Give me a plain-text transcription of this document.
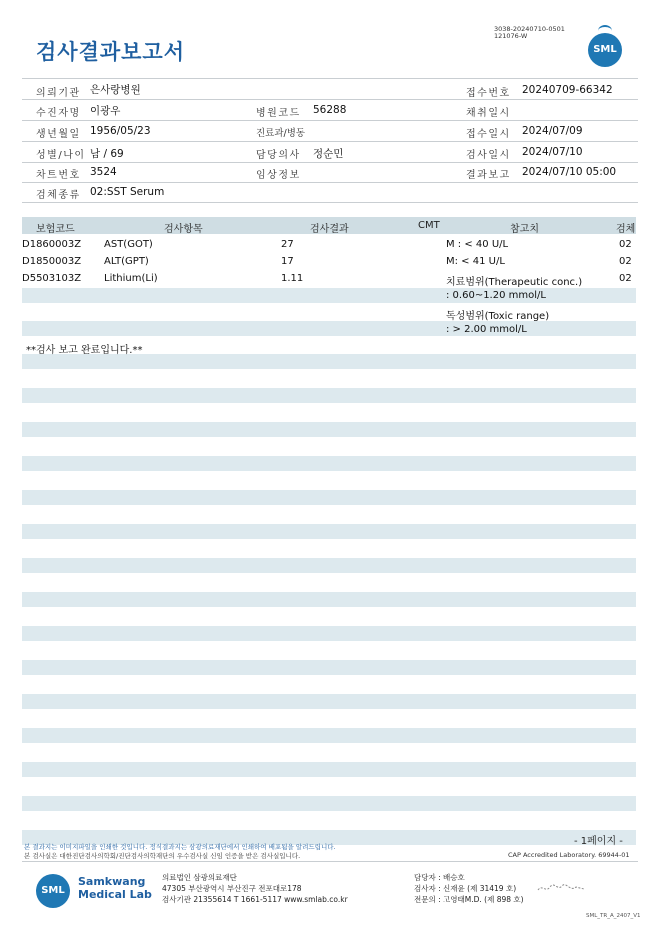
검사결과보고서
3038-20240710-0501
121076-W
SML
의뢰기관 은사랑병원	접수번호 20240709-66342
수진자명 이광우	병원코드 56288	채취일시
생년월일 1956/05/23	진료과/병동	접수일시 2024/07/09
성별/나이 남 / 69	담당의사 정순민	검사일시 2024/07/10
차트번호 3524	임상정보	결과보고 2024/07/10 05:00
검체종류 02:SST Serum
보험코드	검사항목	검사결과	CMT	참고치	검체
D1860003Z AST(GOT)	27	M : < 40 U/L	02
D1850003Z ALT(GPT)	17	M: < 41 U/L	02
D5503103Z Lithium(Li)	1.11	치료범위(Therapeutic conc.)	02
: 0.60~1.20 mmol/L
독성범위(Toxic range)
: > 2.00 mmol/L
**검사 보고 완료입니다.**
- 1페이지 -
본 결과지는 이미지파일을 인쇄한 것입니다. 정식결과지는 삼광의료재단에서 인쇄하여 배포됨을 알려드립니다.
본 검사실은 대한진단검사의학회/진단검사의학재단의 우수검사실 신임 인증을 받은 검사실입니다.	CAP Accredited Laboratory. 69944-01
SML
Samkwang
Medical Lab
의료법인 삼광의료재단
47305 부산광역시 부산진구 전포대로178
검사기관 21355614 T 1661-5117 www.smlab.co.kr
담당자 : 배승호
검사자 : 신재윤 (제 31419 호)
전문의 : 고영태M.D. (제 898 호)
SML_TR_A_2407_V1
